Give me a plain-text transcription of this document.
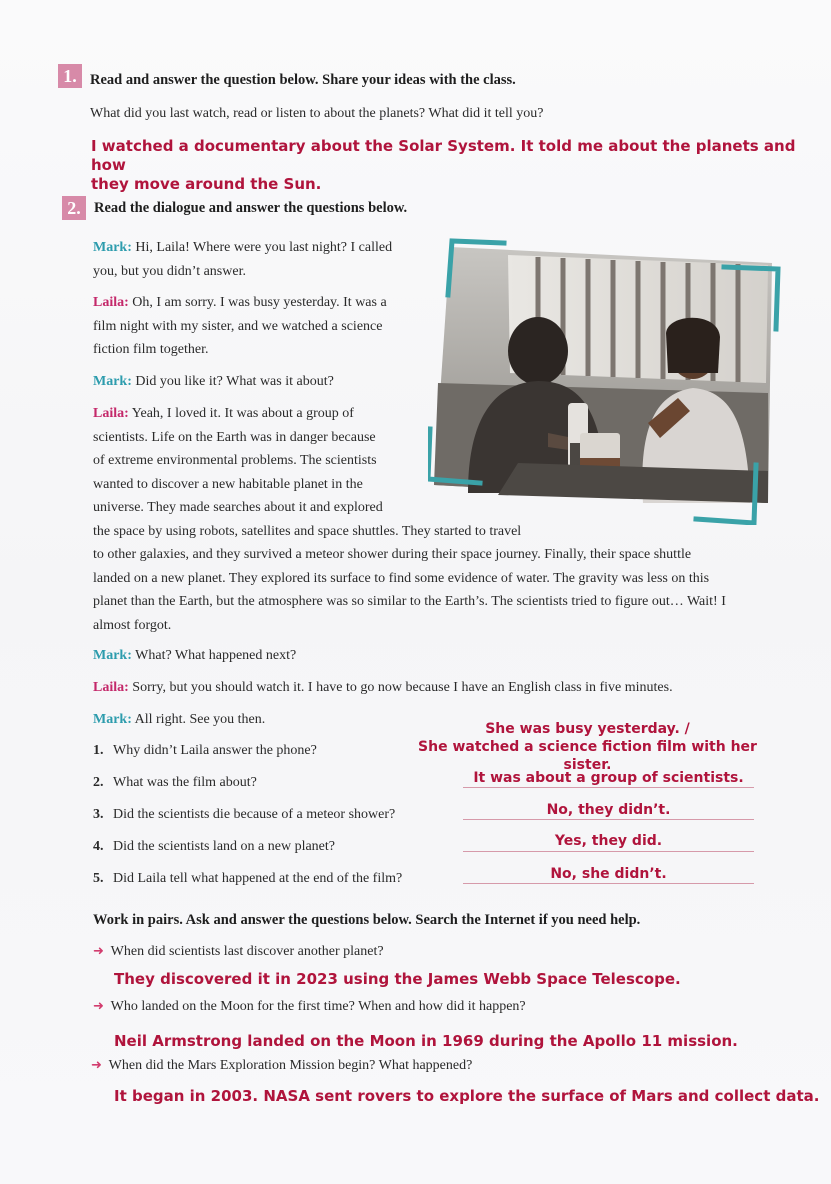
1. Read and answer the question below. Share your ideas with the class.
What did you last watch, read or listen to about the planets? What did it tell you?
I watched a documentary about the Solar System. It told me about the planets and how
they move around the Sun.
2. Read the dialogue and answer the questions below.
Mark: Hi, Laila! Where were you last night? I called
you, but you didn’t answer.
Laila: Oh, I am sorry. I was busy yesterday. It was a
film night with my sister, and we watched a science
fiction film together.
Mark: Did you like it? What was it about?
Laila: Yeah, I loved it. It was about a group of
scientists. Life on the Earth was in danger because
of extreme environmental problems. The scientists
wanted to discover a new habitable planet in the
universe. They made searches about it and explored
the space by using robots, satellites and space shuttles. They started to travel
to other galaxies, and they survived a meteor shower during their space journey. Finally, their space shuttle
landed on a new planet. They explored its surface to find some evidence of water. The gravity was less on this
planet than the Earth, but the atmosphere was so similar to the Earth’s. The scientists tried to figure out… Wait! I
almost forgot.
Mark: What? What happened next?
Laila: Sorry, but you should watch it. I have to go now because I have an English class in five minutes.
Mark: All right. See you then.
1. Why didn’t Laila answer the phone?
She was busy yesterday. /
She watched a science fiction film with her sister.
2. What was the film about?	It was about a group of scientists.
3. Did the scientists die because of a meteor shower?	No, they didn’t.
4. Did the scientists land on a new planet?	Yes, they did.
5. Did Laila tell what happened at the end of the film?	No, she didn’t.
Work in pairs. Ask and answer the questions below. Search the Internet if you need help.
➜ When did scientists last discover another planet?
They discovered it in 2023 using the James Webb Space Telescope.
➜ Who landed on the Moon for the first time? When and how did it happen?
Neil Armstrong landed on the Moon in 1969 during the Apollo 11 mission.
➜ When did the Mars Exploration Mission begin? What happened?
It began in 2003. NASA sent rovers to explore the surface of Mars and collect data.
